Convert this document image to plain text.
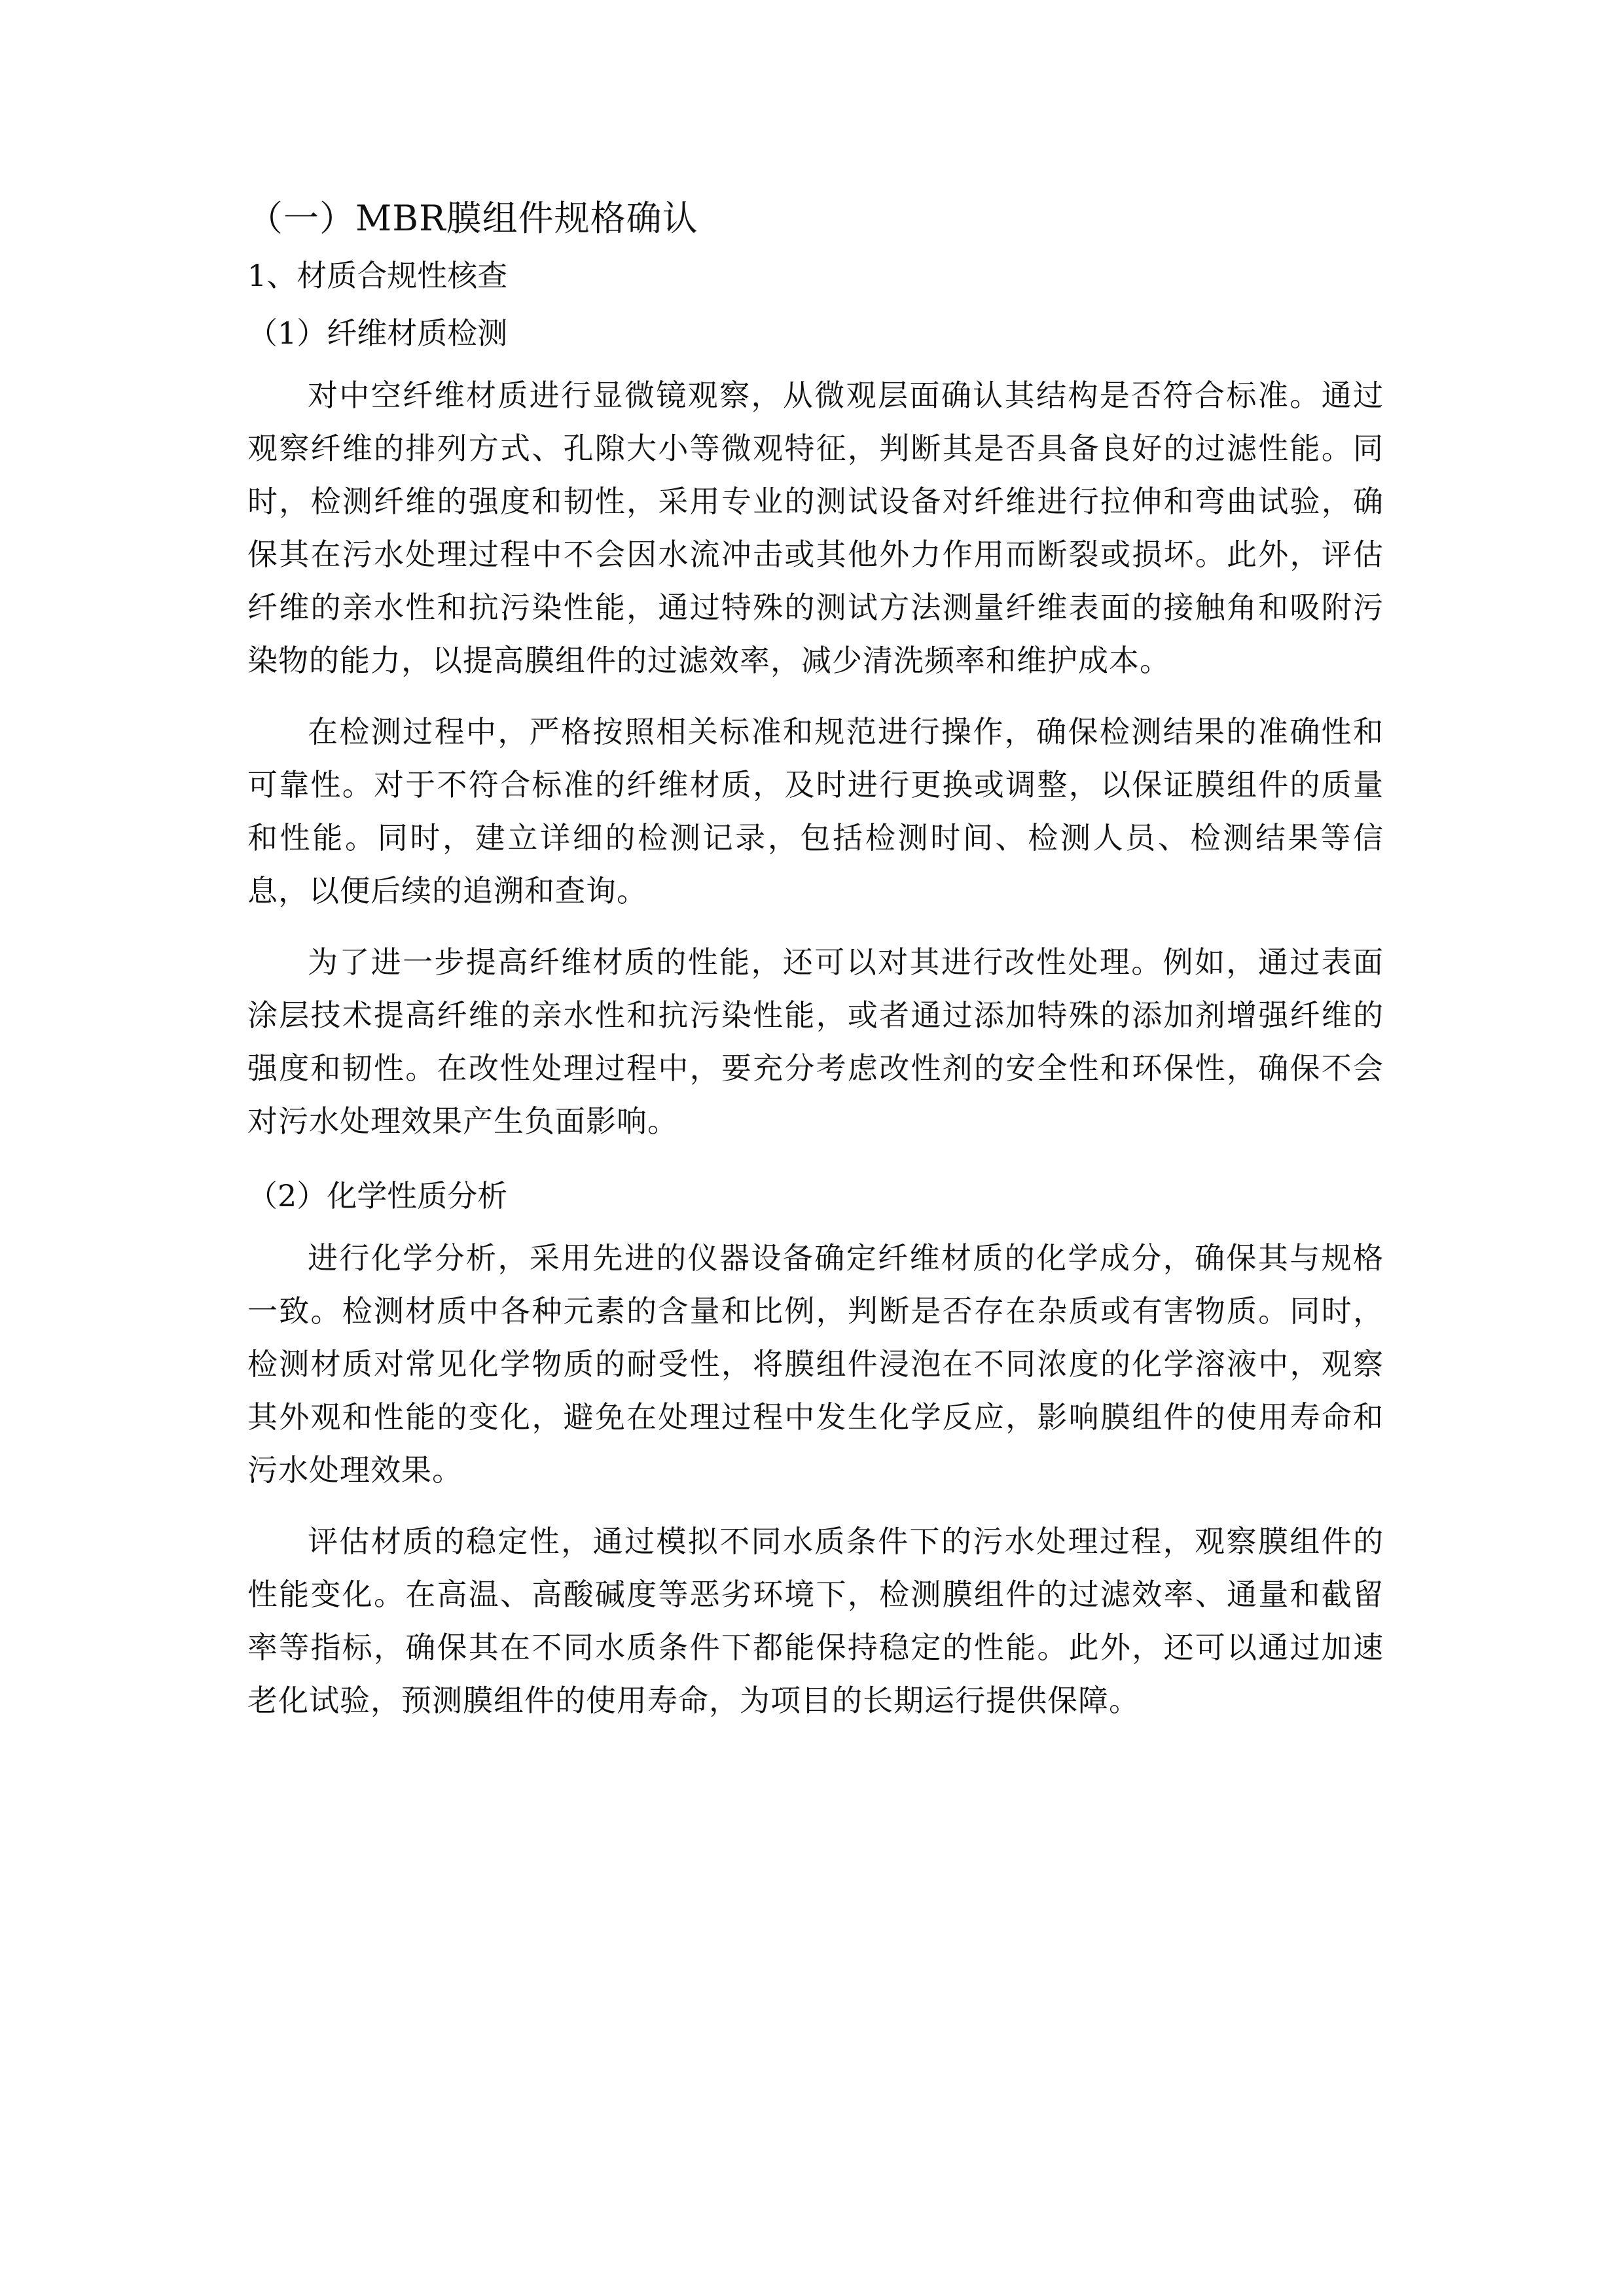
（一）MBR膜组件规格确认
1、材质合规性核查
（1）纤维材质检测

对中空纤维材质进行显微镜观察，从微观层面确认其结构是否符合标准。通过观察纤维的排列方式、孔隙大小等微观特征，判断其是否具备良好的过滤性能。同时，检测纤维的强度和韧性，采用专业的测试设备对纤维进行拉伸和弯曲试验，确保其在污水处理过程中不会因水流冲击或其他外力作用而断裂或损坏。此外，评估纤维的亲水性和抗污染性能，通过特殊的测试方法测量纤维表面的接触角和吸附污染物的能力，以提高膜组件的过滤效率，减少清洗频率和维护成本。

在检测过程中，严格按照相关标准和规范进行操作，确保检测结果的准确性和可靠性。对于不符合标准的纤维材质，及时进行更换或调整，以保证膜组件的质量和性能。同时，建立详细的检测记录，包括检测时间、检测人员、检测结果等信息，以便后续的追溯和查询。

为了进一步提高纤维材质的性能，还可以对其进行改性处理。例如，通过表面涂层技术提高纤维的亲水性和抗污染性能，或者通过添加特殊的添加剂增强纤维的强度和韧性。在改性处理过程中，要充分考虑改性剂的安全性和环保性，确保不会对污水处理效果产生负面影响。

（2）化学性质分析

进行化学分析，采用先进的仪器设备确定纤维材质的化学成分，确保其与规格一致。检测材质中各种元素的含量和比例，判断是否存在杂质或有害物质。同时，检测材质对常见化学物质的耐受性，将膜组件浸泡在不同浓度的化学溶液中，观察其外观和性能的变化，避免在处理过程中发生化学反应，影响膜组件的使用寿命和污水处理效果。

评估材质的稳定性，通过模拟不同水质条件下的污水处理过程，观察膜组件的性能变化。在高温、高酸碱度等恶劣环境下，检测膜组件的过滤效率、通量和截留率等指标，确保其在不同水质条件下都能保持稳定的性能。此外，还可以通过加速老化试验，预测膜组件的使用寿命，为项目的长期运行提供保障。
